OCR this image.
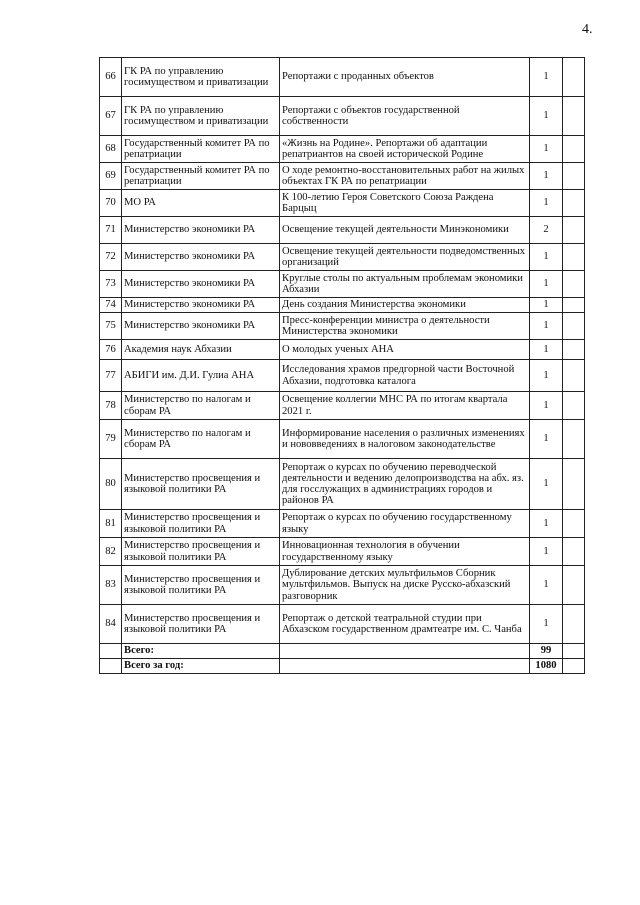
4.
66	ГК РА по управлению госимуществом и приватизации	Репортажи с проданных объектов	1	
67	ГК РА по управлению госимуществом и приватизации	Репортажи с объектов государственной собственности	1	
68	Государственный комитет РА по репатриации	«Жизнь на Родине». Репортажи об адаптации репатриантов на своей исторической Родине	1	
69	Государственный комитет РА по репатриации	О ходе ремонтно-восстановительных работ на жилых объектах ГК РА по репатриации	1	
70	МО РА	К 100-летию Героя Советского Союза Раждена Барцыц	1	
71	Министерство экономики РА	Освещение текущей деятельности Минэкономики	2	
72	Министерство экономики РА	Освещение текущей деятельности подведомственных организаций	1	
73	Министерство экономики РА	Круглые столы по актуальным проблемам экономики Абхазии	1	
74	Министерство экономики РА	День создания Министерства экономики	1	
75	Министерство экономики РА	Пресс-конференции министра о деятельности Министерства экономики	1	
76	Академия наук Абхазии	О молодых ученых АНА	1	
77	АБИГИ им. Д.И. Гулиа АНА	Исследования храмов предгорной части Восточной Абхазии, подготовка каталога	1	
78	Министерство по налогам и сборам РА	Освещение коллегии МНС РА по итогам квартала 2021 г.	1	
79	Министерство по налогам и сборам РА	Информирование населения о различных изменениях и нововведениях в налоговом законодательстве	1	
80	Министерство просвещения и языковой политики РА	Репортаж о курсах по обучению переводческой деятельности и ведению делопроизводства на абх. яз. для госслужащих в администрациях городов и районов РА	1	
81	Министерство просвещения и языковой политики РА	Репортаж о курсах по обучению государственному языку	1	
82	Министерство просвещения и языковой политики РА	Инновационная технология в обучении государственному языку	1	
83	Министерство просвещения и языковой политики РА	Дублирование детских мультфильмов Сборник мультфильмов. Выпуск на диске Русско-абхазский разговорник	1	
84	Министерство просвещения и языковой политики РА	Репортаж о детской театральной студии при Абхазском государственном драмтеатре им. С. Чанба	1	
	Всего:		99	
	Всего за год:		1080	
